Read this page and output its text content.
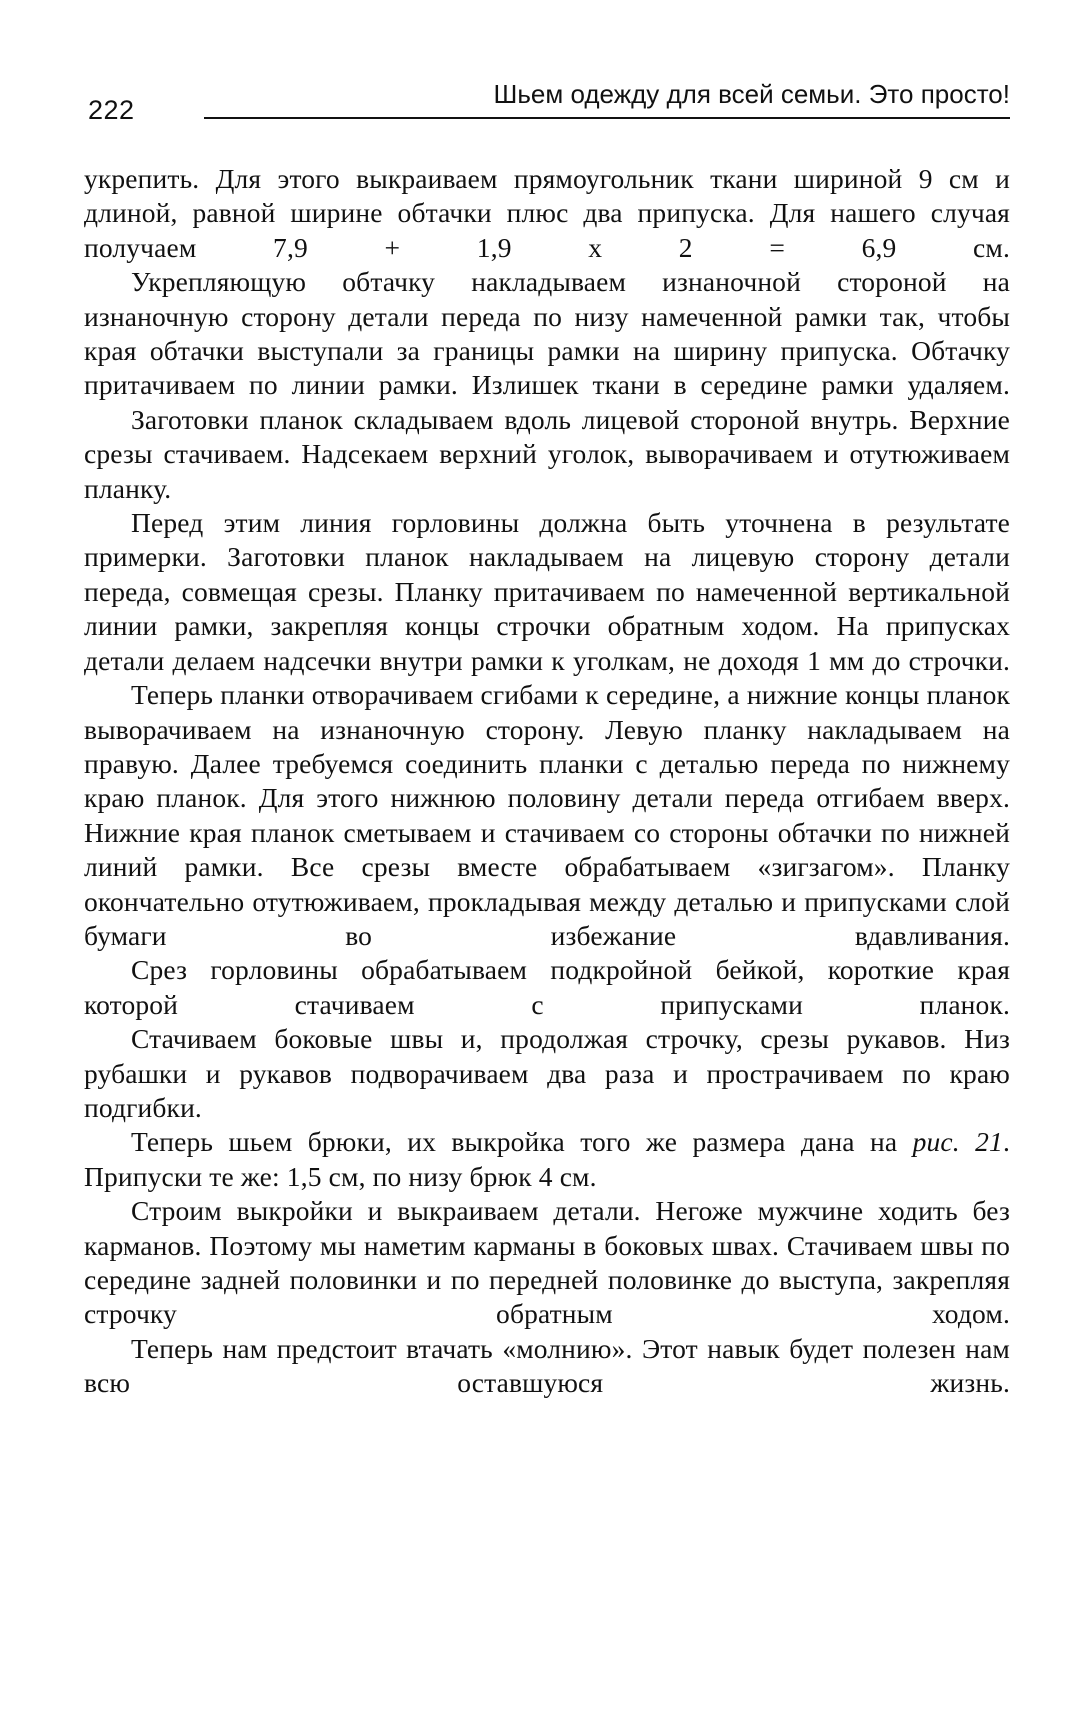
222
Шьем одежду для всей семьи. Это просто!

укрепить. Для этого выкраиваем прямоугольник ткани шириной 9 см и длиной, равной ширине обтачки плюс два припуска. Для нашего случая получаем 7,9 + 1,9 х 2 = 6,9 см.

Укрепляющую обтачку накладываем изнаночной стороной на изнаночную сторону детали переда по низу намеченной рамки так, чтобы края обтачки выступали за границы рамки на ширину припуска. Обтачку притачиваем по линии рамки. Излишек ткани в середине рамки удаляем.

Заготовки планок складываем вдоль лицевой стороной внутрь. Верхние срезы стачиваем. Надсекаем верхний уголок, выворачиваем и отутюживаем планку.

Перед этим линия горловины должна быть уточнена в результате примерки. Заготовки планок накладываем на лицевую сторону детали переда, совмещая срезы. Планку притачиваем по намеченной вертикальной линии рамки, закрепляя концы строчки обратным ходом. На припусках детали делаем надсечки внутри рамки к уголкам, не доходя 1 мм до строчки.

Теперь планки отворачиваем сгибами к середине, а нижние концы планок выворачиваем на изнаночную сторону. Левую планку накладываем на правую. Далее требуемся соединить планки с деталью переда по нижнему краю планок. Для этого нижнюю половину детали переда отгибаем вверх. Нижние края планок сметываем и стачиваем со стороны обтачки по нижней линий рамки. Все срезы вместе обрабатываем «зигзагом». Планку окончательно отутюживаем, прокладывая между деталью и припусками слой бумаги во избежание вдавливания.

Срез горловины обрабатываем подкройной бейкой, короткие края которой стачиваем с припусками планок.

Стачиваем боковые швы и, продолжая строчку, срезы рукавов. Низ рубашки и рукавов подворачиваем два раза и прострачиваем по краю подгибки.

Теперь шьем брюки, их выкройка того же размера дана на рис. 21. Припуски те же: 1,5 см, по низу брюк 4 см.

Строим выкройки и выкраиваем детали. Негоже мужчине ходить без карманов. Поэтому мы наметим карманы в боковых швах. Стачиваем швы по середине задней половинки и по передней половинке до выступа, закрепляя строчку обратным ходом.

Теперь нам предстоит втачать «молнию». Этот навык будет полезен нам всю оставшуюся жизнь.
